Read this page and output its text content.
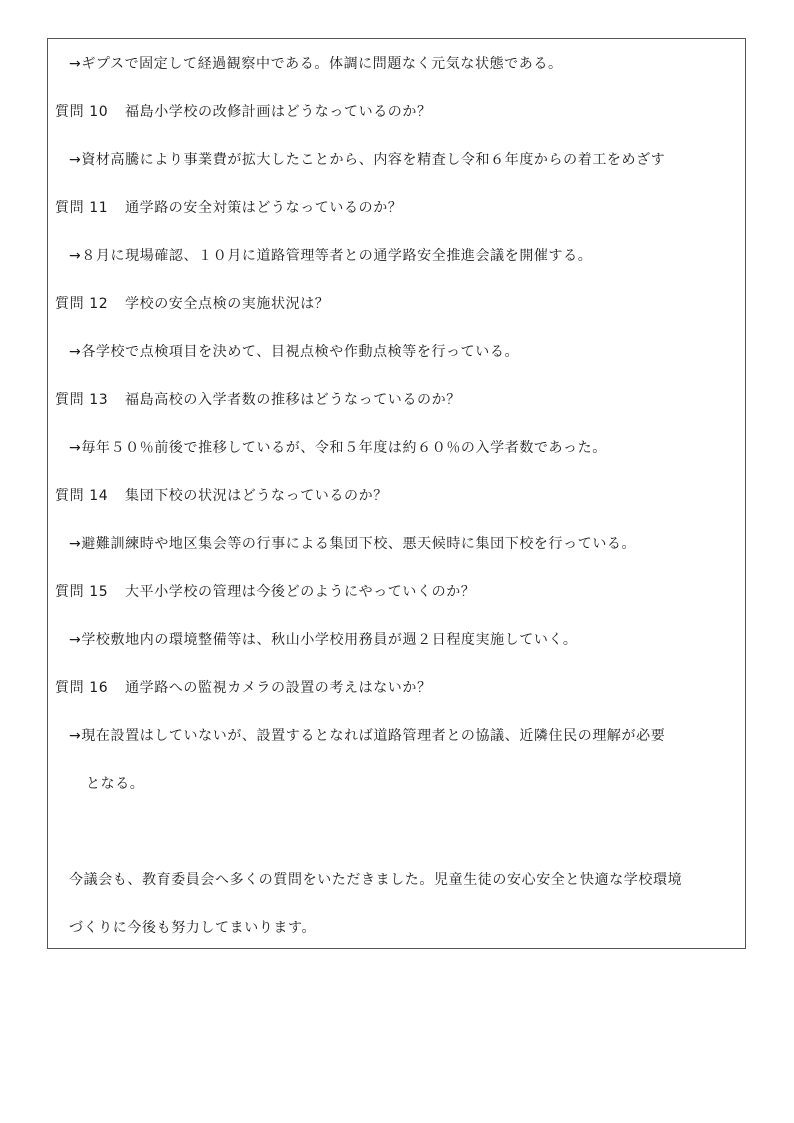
→ギプスで固定して経過観察中である。体調に問題なく元気な状態である。
質問 10 福島小学校の改修計画はどうなっているのか？
→資材高騰により事業費が拡大したことから、内容を精査し令和６年度からの着工をめざす
質問 11 通学路の安全対策はどうなっているのか？
→８月に現場確認、１０月に道路管理等者との通学路安全推進会議を開催する。
質問 12 学校の安全点検の実施状況は？
→各学校で点検項目を決めて、目視点検や作動点検等を行っている。
質問 13 福島高校の入学者数の推移はどうなっているのか？
→毎年５０％前後で推移しているが、令和５年度は約６０％の入学者数であった。
質問 14 集団下校の状況はどうなっているのか？
→避難訓練時や地区集会等の行事による集団下校、悪天候時に集団下校を行っている。
質問 15 大平小学校の管理は今後どのようにやっていくのか？
→学校敷地内の環境整備等は、秋山小学校用務員が週２日程度実施していく。
質問 16 通学路への監視カメラの設置の考えはないか？
→現在設置はしていないが、設置するとなれば道路管理者との協議、近隣住民の理解が必要
となる。
今議会も、教育委員会へ多くの質問をいただきました。児童生徒の安心安全と快適な学校環境
づくりに今後も努力してまいります。
